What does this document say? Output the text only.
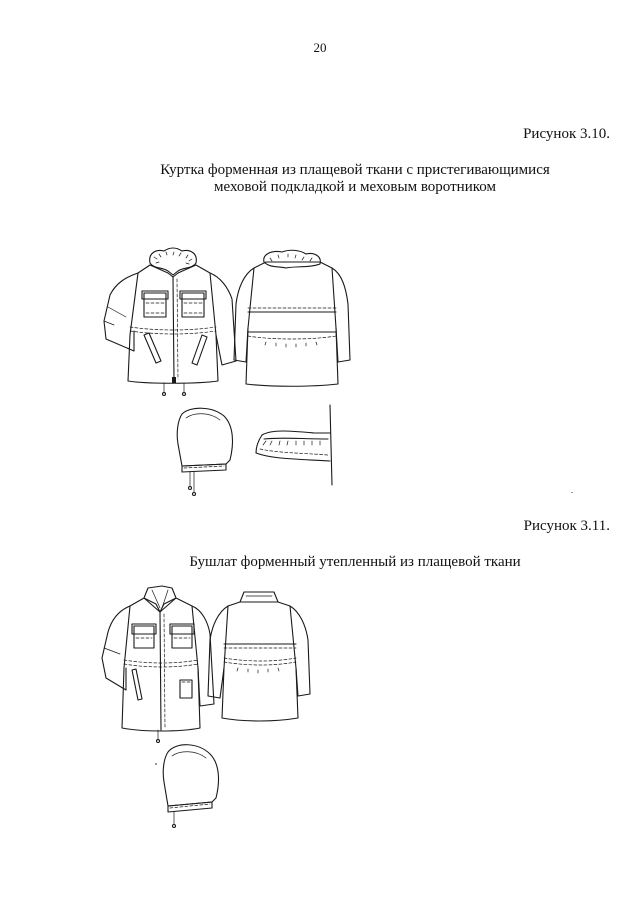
20
Рисунок 3.10.
Куртка форменная из плащевой ткани с пристегивающимися
меховой подкладкой и меховым воротником
Рисунок 3.11.
Бушлат форменный утепленный из плащевой ткани
